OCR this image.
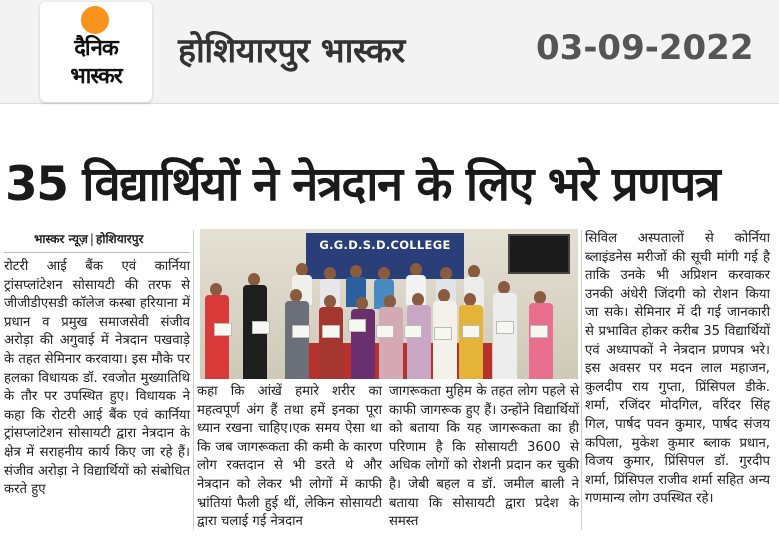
दैनिक
भास्कर
होशियारपुर भास्कर	03-09-2022
35 विद्यार्थियों ने नेत्रदान के लिए भरे प्रणपत्र
भास्कर न्यूज़ | होशियारपुर
रोटरी आई बैंक एवं कार्निया ट्रांसप्लांटेशन सोसायटी की तरफ से जीजीडीएसडी कॉलेज कस्बा हरियाना में प्रधान व प्रमुख समाजसेवी संजीव अरोड़ा की अगुवाई में नेत्रदान पखवाड़े के तहत सेमिनार करवाया। इस मौके पर हलका विधायक डॉ. रवजोत मुख्यातिथि के तौर पर उपस्थित हुए। विधायक ने कहा कि रोटरी आई बैंक एवं कार्निया ट्रांसप्लांटेशन सोसायटी द्वारा नेत्रदान के क्षेत्र में सराहनीय कार्य किए जा रहे हैं। संजीव अरोड़ा ने विद्यार्थियों को संबोधित करते हुए
G.G.D.S.D.COLLEGE
कहा कि आंखें हमारे शरीर का महत्वपूर्ण अंग हैं तथा हमें इनका पूरा ध्यान रखना चाहिए।एक समय ऐसा था कि जब जागरूकता की कमी के कारण लोग रक्तदान से भी डरते थे और नेत्रदान को लेकर भी लोगों में काफी भ्रांतियां फैली हुई थीं, लेकिन सोसायटी द्वारा चलाई गई नेत्रदान
जागरूकता मुहिम के तहत लोग पहले से काफी जागरूक हुए हैं। उन्होंने विद्यार्थियों को बताया कि यह जागरूकता का ही परिणाम है कि सोसायटी 3600 से अधिक लोगों को रोशनी प्रदान कर चुकी है। जेबी बहल व डॉ. जमील बाली ने बताया कि सोसायटी द्वारा प्रदेश के समस्त
सिविल अस्पतालों से कोर्निया ब्लाइंडनेस मरीजों की सूची मांगी गई है ताकि उनके भी अप्रिशन करवाकर उनकी अंधेरी जिंदगी को रोशन किया जा सके। सेमिनार में दी गई जानकारी से प्रभावित होकर करीब 35 विद्यार्थियों एवं अध्यापकों ने नेत्रदान प्रणपत्र भरे। इस अवसर पर मदन लाल महाजन, कुलदीप राय गुप्ता, प्रिंसिपल डीके. शर्मा, रजिंदर मोदगिल, वरिंदर सिंह गिल, पार्षद पवन कुमार, पार्षद संजय कपिला, मुकेश कुमार ब्लाक प्रधान, विजय कुमार, प्रिंसिपल डॉ. गुरदीप शर्मा, प्रिंसिपल राजीव शर्मा सहित अन्य गणमान्य लोग उपस्थित रहे।
